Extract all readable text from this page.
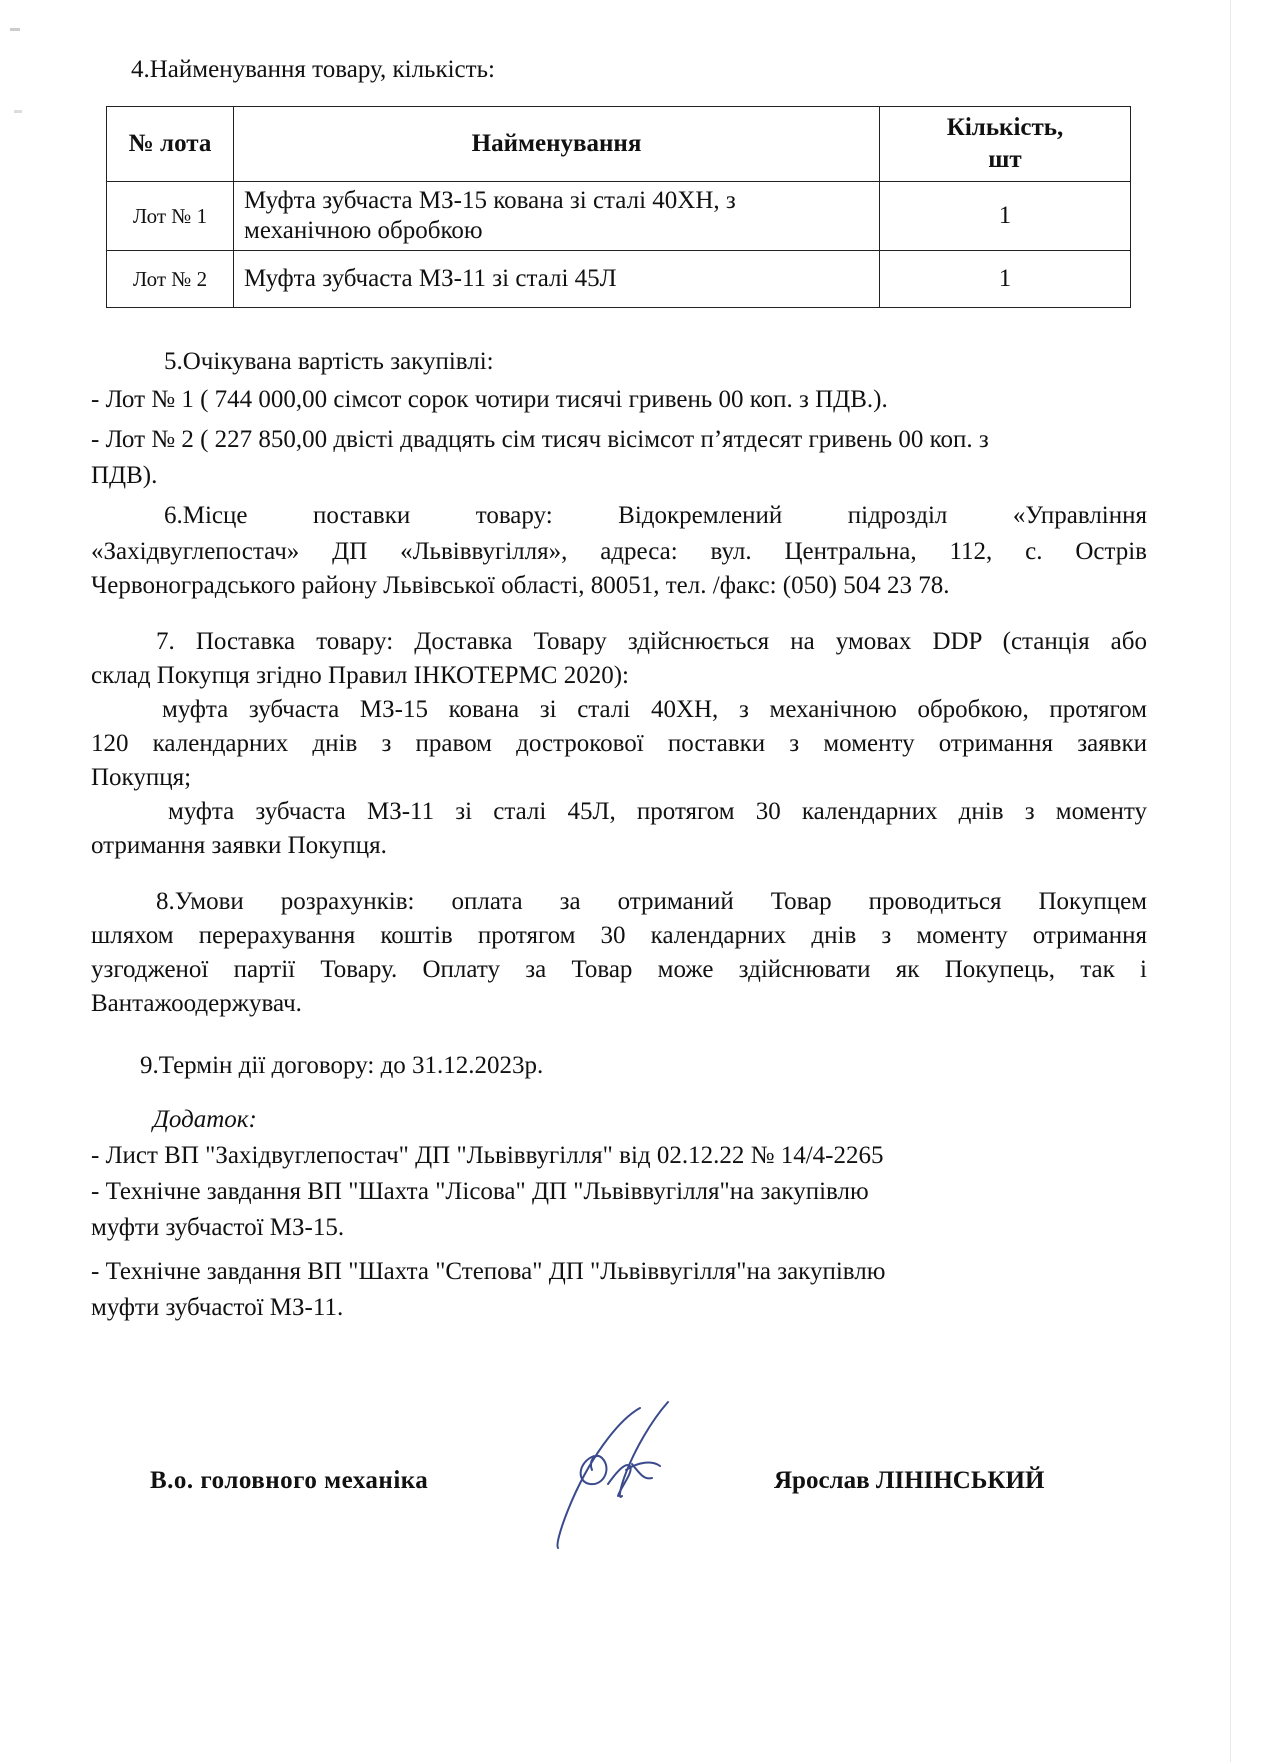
4.Найменування товару, кількість:
№ лота	Найменування	Кількість,
шт
Лот № 1	Муфта зубчаста МЗ-15 кована зі сталі 40ХН, з механічною обробкою	1
Лот № 2	Муфта зубчаста МЗ-11 зі сталі 45Л	1
5.Очікувана вартість закупівлі:
- Лот № 1 ( 744 000,00 сімсот сорок чотири тисячі гривень 00 коп. з ПДВ.).
- Лот № 2 ( 227 850,00 двісті двадцять сім тисяч вісімсот п’ятдесят гривень 00 коп. з
ПДВ).
6.Місце поставки товару: Відокремлений підрозділ «Управління
«Західвуглепостач» ДП «Львіввугілля», адреса: вул. Центральна, 112, с. Острів
Червоноградського району Львівської області, 80051, тел. /факс: (050) 504 23 78.
7. Поставка товару: Доставка Товару здійснюється на умовах DDP (станція або
склад Покупця згідно Правил ІНКОТЕРМС 2020):
муфта зубчаста МЗ-15 кована зі сталі 40ХН, з механічною обробкою, протягом
120 календарних днів з правом дострокової поставки з моменту отримання заявки
Покупця;
муфта зубчаста МЗ-11 зі сталі 45Л, протягом 30 календарних днів з моменту
отримання заявки Покупця.
8.Умови розрахунків: оплата за отриманий Товар проводиться Покупцем
шляхом перерахування коштів протягом 30 календарних днів з моменту отримання
узгодженої партії Товару. Оплату за Товар може здійснювати як Покупець, так і
Вантажоодержувач.
9.Термін дії договору: до 31.12.2023р.
Додаток:
- Лист ВП "Західвуглепостач" ДП "Львіввугілля" від 02.12.22 № 14/4-2265
- Технічне завдання ВП "Шахта "Лісова" ДП "Львіввугілля"на закупівлю
муфти зубчастої МЗ-15.
- Технічне завдання ВП "Шахта "Степова" ДП "Львіввугілля"на закупівлю
муфти зубчастої МЗ-11.
В.о. головного механіка	Ярослав ЛІНІНСЬКИЙ
